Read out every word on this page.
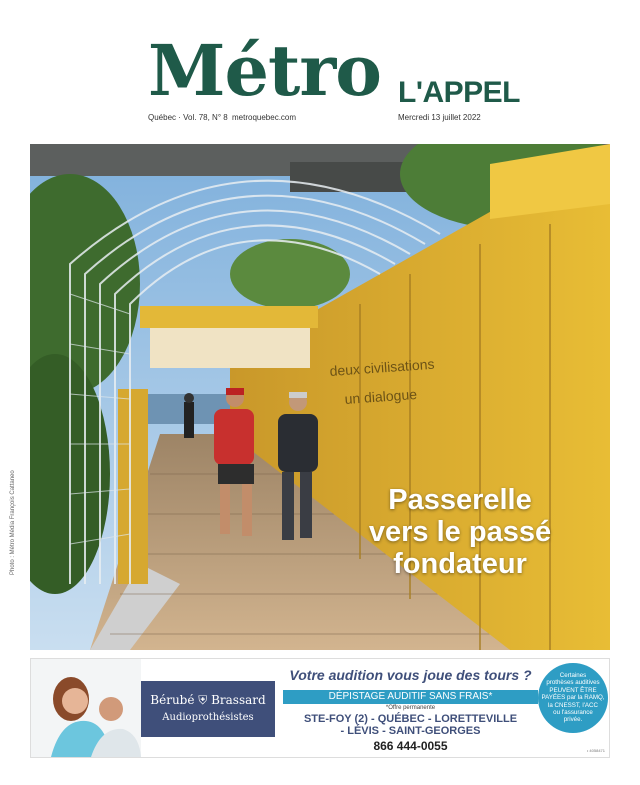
Métro L'APPEL
Québec · Vol. 78, N° 8 metroquebec.com	Mercredi 13 juillet 2022
deux civilisations
un dialogue
Passerelle
vers le passé
fondateur
Photo : Métro Média François Cattaneo
Bérubé ⛨ Brassard
Audioprothésistes
Votre audition vous joue des tours ?
DÉPISTAGE AUDITIF SANS FRAIS*
*Offre permanente
STE-FOY (2) - QUÉBEC - LORETTEVILLE
- LÉVIS - SAINT-GEORGES
866 444-0055
Certaines
prothèses auditives
PEUVENT ÊTRE
PAYÉES par la RAMQ,
la CNESST, l'ACC
ou l'assurance
privée.
• 4058471
